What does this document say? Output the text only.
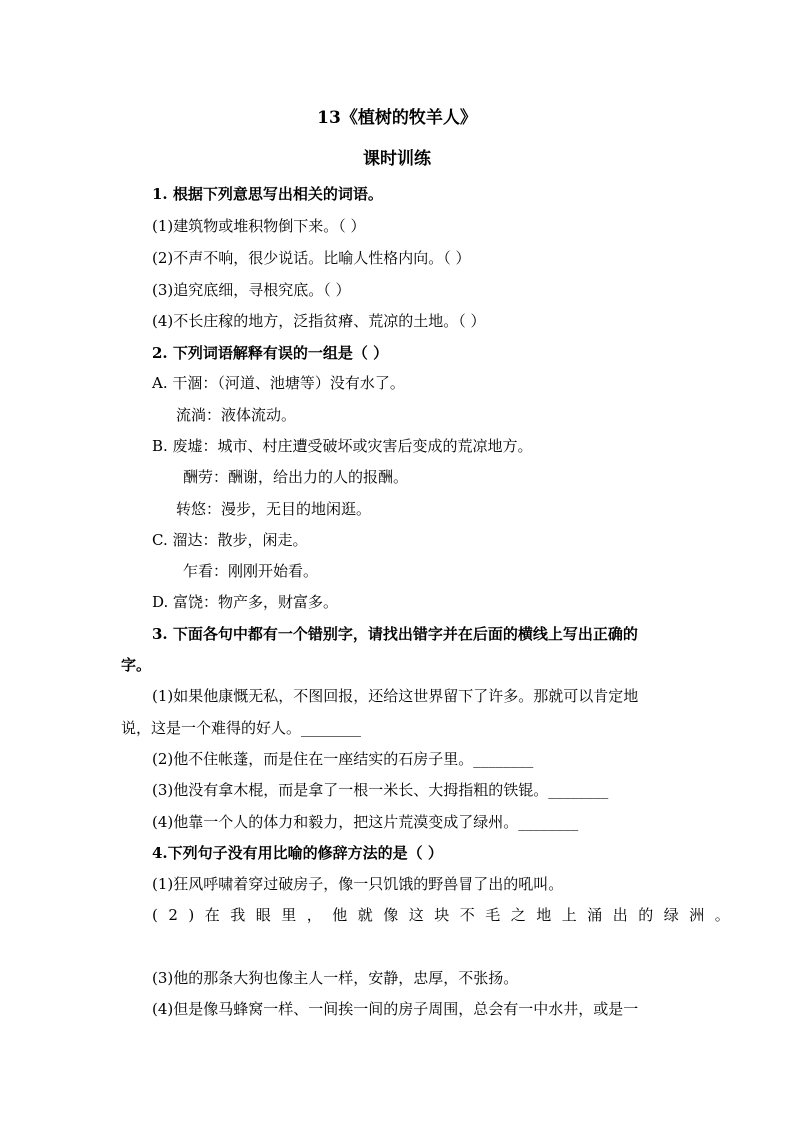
13《植树的牧羊人》
课时训练
1. 根据下列意思写出相关的词语。
(1)建筑物或堆积物倒下来。（ ）
(2)不声不响，很少说话。比喻人性格内向。（ ）
(3)追究底细，寻根究底。（ ）
(4)不长庄稼的地方，泛指贫瘠、荒凉的土地。（ ）
2. 下列词语解释有误的一组是（ ）
A. 干涸：（河道、池塘等）没有水了。
流淌：液体流动。
B. 废墟：城市、村庄遭受破坏或灾害后变成的荒凉地方。
酬劳：酬谢，给出力的人的报酬。
转悠：漫步，无目的地闲逛。
C. 溜达：散步，闲走。
乍看：刚刚开始看。
D. 富饶：物产多，财富多。
3. 下面各句中都有一个错别字，请找出错字并在后面的横线上写出正确的
字。
(1)如果他康慨无私，不图回报，还给这世界留下了许多。那就可以肯定地
说，这是一个难得的好人。________
(2)他不住帐蓬，而是住在一座结实的石房子里。________
(3)他没有拿木棍，而是拿了一根一米长、大拇指粗的铁锟。________
(4)他靠一个人的体力和毅力，把这片荒漠变成了绿州。________
4.下列句子没有用比喻的修辞方法的是（ ）
(1)狂风呼啸着穿过破房子，像一只饥饿的野兽冒了出的吼叫。
(2)在我眼里，他就像这块不毛之地上涌出的绿洲。
(3)他的那条大狗也像主人一样，安静，忠厚，不张扬。
(4)但是像马蜂窝一样、一间挨一间的房子周围，总会有一中水井，或是一
